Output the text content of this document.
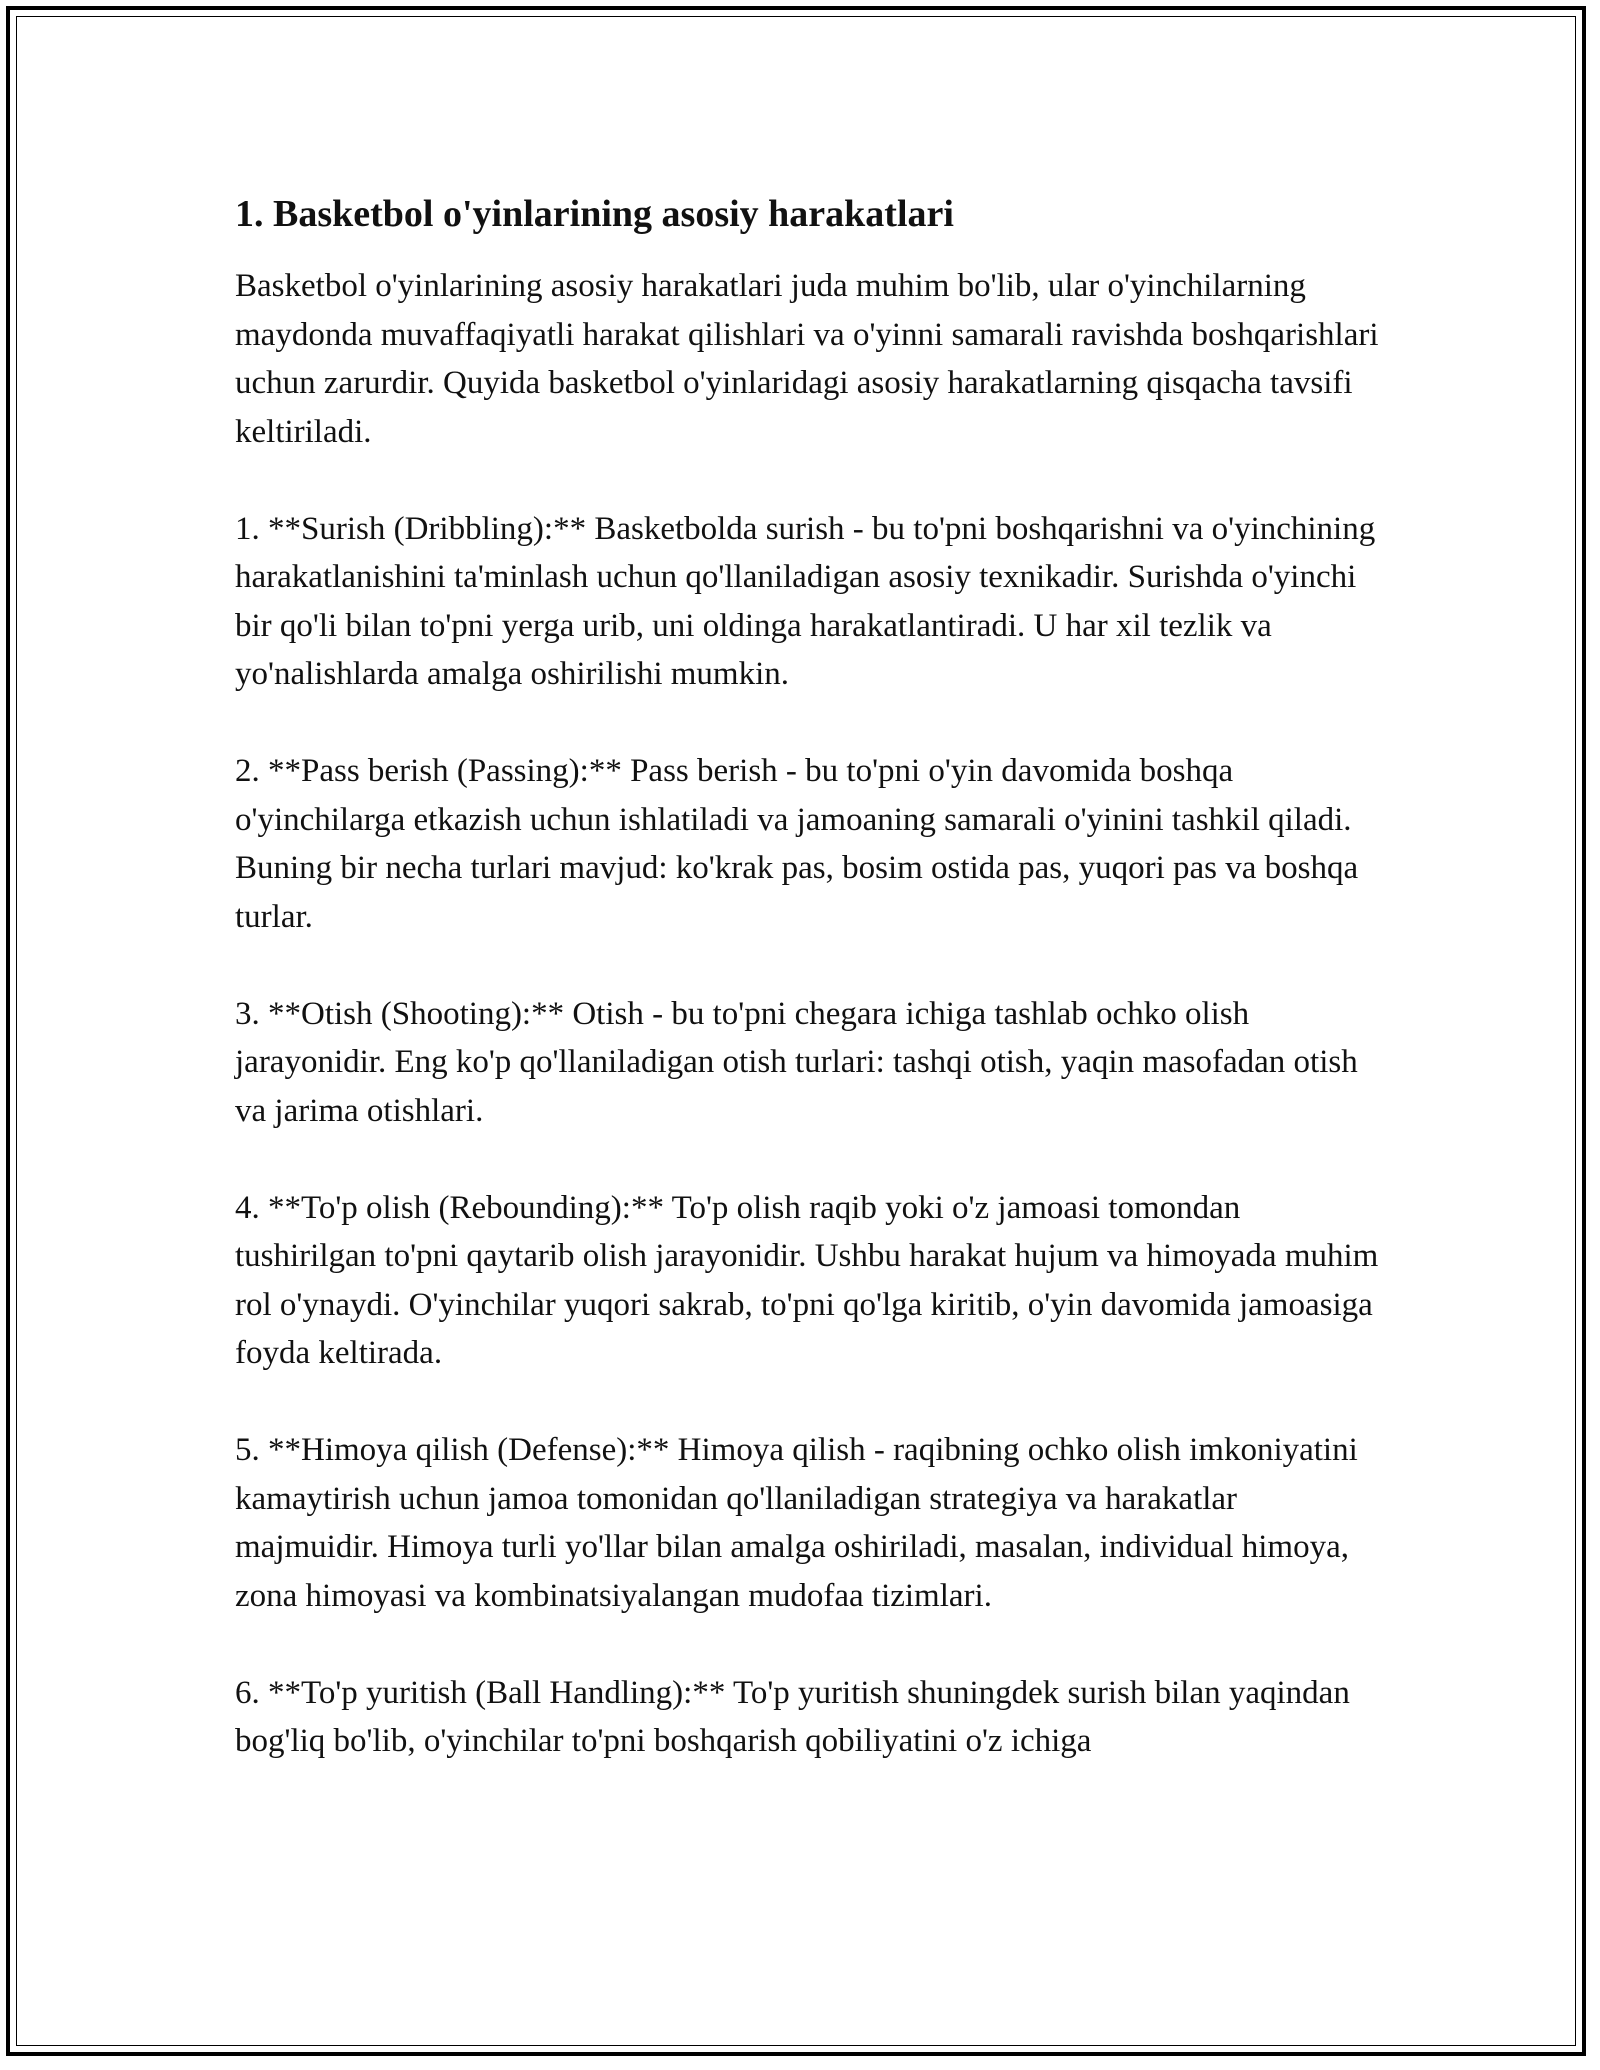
1. Basketbol o'yinlarining asosiy harakatlari

Basketbol o'yinlarining asosiy harakatlari juda muhim bo'lib, ular o'yinchilarning maydonda muvaffaqiyatli harakat qilishlari va o'yinni samarali ravishda boshqarishlari uchun zarurdir. Quyida basketbol o'yinlaridagi asosiy harakatlarning qisqacha tavsifi keltiriladi.

1. **Surish (Dribbling):** Basketbolda surish - bu to'pni boshqarishni va o'yinchining harakatlanishini ta'minlash uchun qo'llaniladigan asosiy texnikadir. Surishda o'yinchi bir qo'li bilan to'pni yerga urib, uni oldinga harakatlantiradi. U har xil tezlik va yo'nalishlarda amalga oshirilishi mumkin.

2. **Pass berish (Passing):** Pass berish - bu to'pni o'yin davomida boshqa o'yinchilarga etkazish uchun ishlatiladi va jamoaning samarali o'yinini tashkil qiladi. Buning bir necha turlari mavjud: ko'krak pas, bosim ostida pas, yuqori pas va boshqa turlar.

3. **Otish (Shooting):** Otish - bu to'pni chegara ichiga tashlab ochko olish jarayonidir. Eng ko'p qo'llaniladigan otish turlari: tashqi otish, yaqin masofadan otish va jarima otishlari.

4. **To'p olish (Rebounding):** To'p olish raqib yoki o'z jamoasi tomondan tushirilgan to'pni qaytarib olish jarayonidir. Ushbu harakat hujum va himoyada muhim rol o'ynaydi. O'yinchilar yuqori sakrab, to'pni qo'lga kiritib, o'yin davomida jamoasiga foyda keltirada.

5. **Himoya qilish (Defense):** Himoya qilish - raqibning ochko olish imkoniyatini kamaytirish uchun jamoa tomonidan qo'llaniladigan strategiya va harakatlar majmuidir. Himoya turli yo'llar bilan amalga oshiriladi, masalan, individual himoya, zona himoyasi va kombinatsiyalangan mudofaa tizimlari.

6. **To'p yuritish (Ball Handling):** To'p yuritish shuningdek surish bilan yaqindan bog'liq bo'lib, o'yinchilar to'pni boshqarish qobiliyatini o'z ichiga
